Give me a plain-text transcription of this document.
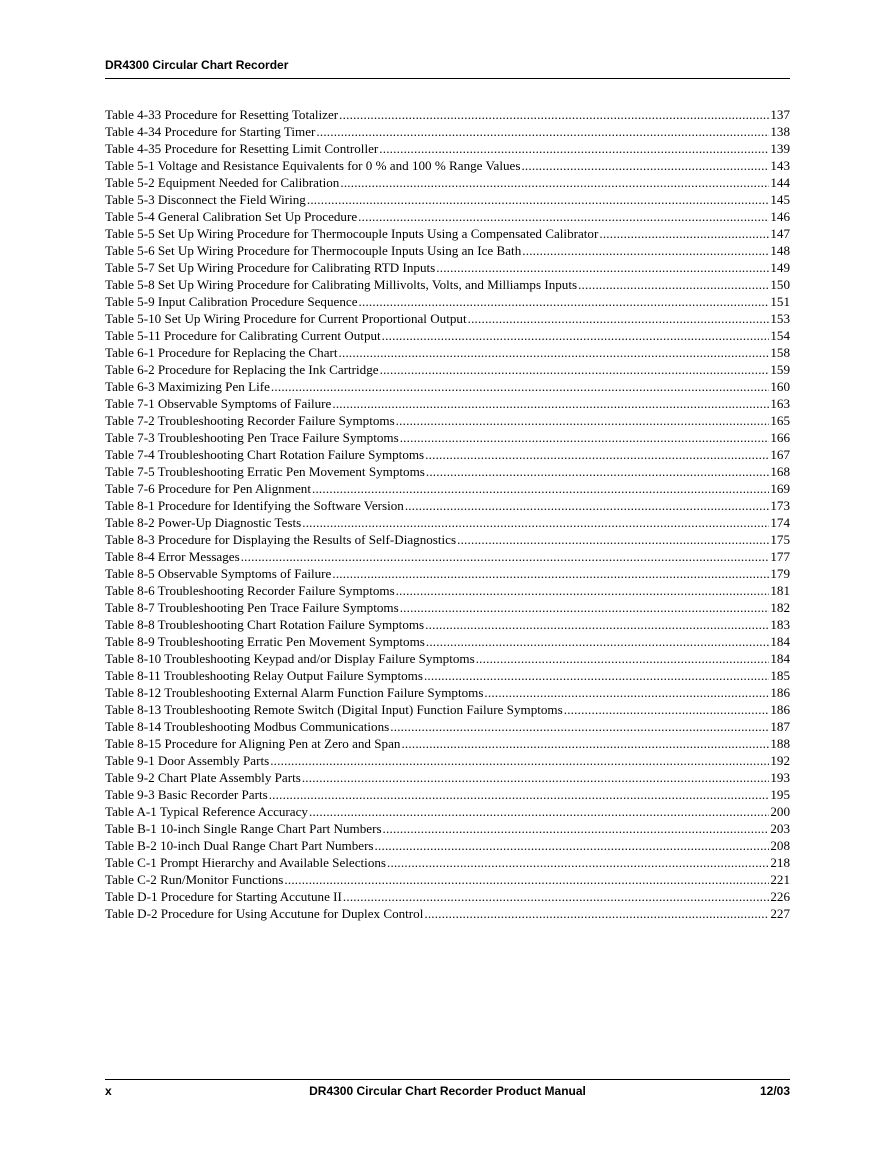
DR4300 Circular Chart Recorder
Table 4-33 Procedure for Resetting Totalizer .....	137
Table 4-34 Procedure for Starting Timer .....	138
Table 4-35 Procedure for Resetting Limit Controller .....	139
Table 5-1 Voltage and Resistance Equivalents for 0 % and 100 % Range Values .....	143
Table 5-2 Equipment Needed for Calibration .....	144
Table 5-3 Disconnect the Field Wiring .....	145
Table 5-4 General Calibration Set Up Procedure .....	146
Table 5-5 Set Up Wiring Procedure for Thermocouple Inputs Using a Compensated Calibrator .....	147
Table 5-6 Set Up Wiring Procedure for Thermocouple Inputs Using an Ice Bath .....	148
Table 5-7 Set Up Wiring Procedure for Calibrating RTD Inputs .....	149
Table 5-8 Set Up Wiring Procedure for Calibrating Millivolts, Volts, and Milliamps Inputs .....	150
Table 5-9 Input Calibration Procedure Sequence .....	151
Table 5-10 Set Up Wiring Procedure for Current Proportional Output .....	153
Table 5-11 Procedure for Calibrating Current Output .....	154
Table 6-1 Procedure for Replacing the Chart .....	158
Table 6-2 Procedure for Replacing the Ink Cartridge .....	159
Table 6-3 Maximizing Pen Life .....	160
Table 7-1 Observable Symptoms of Failure .....	163
Table 7-2 Troubleshooting Recorder Failure Symptoms .....	165
Table 7-3 Troubleshooting Pen Trace Failure Symptoms .....	166
Table 7-4 Troubleshooting Chart Rotation Failure Symptoms .....	167
Table 7-5 Troubleshooting Erratic Pen Movement Symptoms .....	168
Table 7-6 Procedure for Pen Alignment .....	169
Table 8-1 Procedure for Identifying the Software Version .....	173
Table 8-2 Power-Up Diagnostic Tests .....	174
Table 8-3 Procedure for Displaying the Results of Self-Diagnostics .....	175
Table 8-4 Error Messages .....	177
Table 8-5 Observable Symptoms of Failure .....	179
Table 8-6 Troubleshooting Recorder Failure Symptoms .....	181
Table 8-7 Troubleshooting Pen Trace Failure Symptoms .....	182
Table 8-8 Troubleshooting Chart Rotation Failure Symptoms .....	183
Table 8-9 Troubleshooting Erratic Pen Movement Symptoms .....	184
Table 8-10 Troubleshooting Keypad and/or Display Failure Symptoms .....	184
Table 8-11 Troubleshooting Relay Output Failure Symptoms .....	185
Table 8-12 Troubleshooting External Alarm Function Failure Symptoms .....	186
Table 8-13 Troubleshooting Remote Switch (Digital Input) Function Failure Symptoms .....	186
Table 8-14 Troubleshooting Modbus Communications .....	187
Table 8-15 Procedure for Aligning Pen at Zero and Span .....	188
Table 9-1 Door Assembly Parts .....	192
Table 9-2 Chart Plate Assembly Parts .....	193
Table 9-3 Basic Recorder Parts .....	195
Table A-1 Typical Reference Accuracy .....	200
Table B-1 10-inch Single Range Chart Part Numbers .....	203
Table B-2 10-inch Dual Range Chart Part Numbers .....	208
Table C-1 Prompt Hierarchy and Available Selections .....	218
Table C-2 Run/Monitor Functions .....	221
Table D-1 Procedure for Starting Accutune II .....	226
Table D-2 Procedure for Using Accutune for Duplex Control .....	227
x	DR4300 Circular Chart Recorder Product Manual	12/03
